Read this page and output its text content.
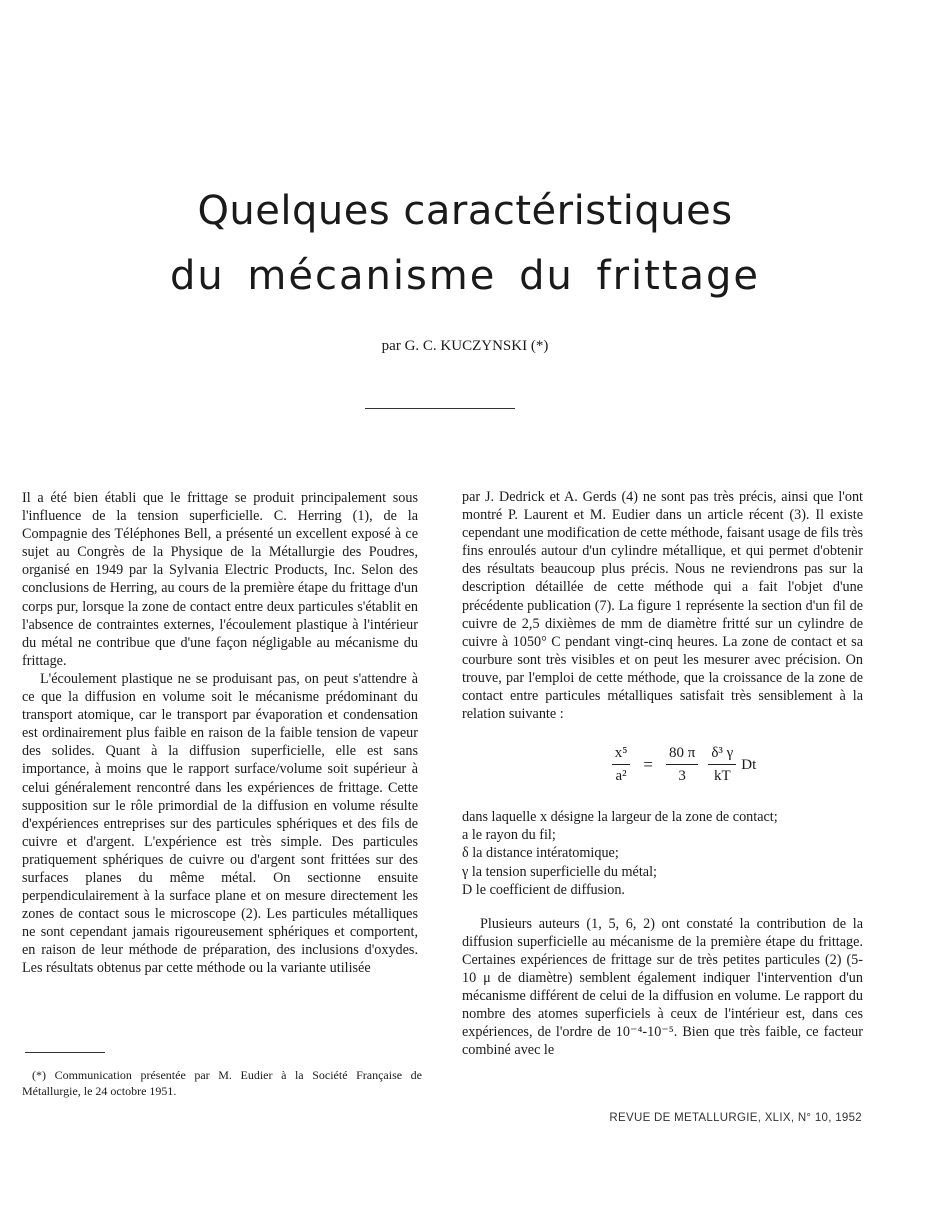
Quelques caractéristiques
du mécanisme du frittage
par G. C. KUCZYNSKI (*)

Il a été bien établi que le frittage se produit principalement sous l'influence de la tension superficielle. C. Herring (1), de la Compagnie des Téléphones Bell, a présenté un excellent exposé à ce sujet au Congrès de la Physique de la Métallurgie des Poudres, organisé en 1949 par la Sylvania Electric Products, Inc. Selon des conclusions de Herring, au cours de la première étape du frittage d'un corps pur, lorsque la zone de contact entre deux particules s'établit en l'absence de contraintes externes, l'écoulement plastique à l'intérieur du métal ne contribue que d'une façon négligable au mécanisme du frittage.

L'écoulement plastique ne se produisant pas, on peut s'attendre à ce que la diffusion en volume soit le mécanisme prédominant du transport atomique, car le transport par évaporation et condensation est ordinairement plus faible en raison de la faible tension de vapeur des solides. Quant à la diffusion superficielle, elle est sans importance, à moins que le rapport surface/volume soit supérieur à celui généralement rencontré dans les expériences de frittage. Cette supposition sur le rôle primordial de la diffusion en volume résulte d'expériences entreprises sur des particules sphériques et des fils de cuivre et d'argent. L'expérience est très simple. Des particules pratiquement sphériques de cuivre ou d'argent sont frittées sur des surfaces planes du même métal. On sectionne ensuite perpendiculairement à la surface plane et on mesure directement les zones de contact sous le microscope (2). Les particules métalliques ne sont cependant jamais rigoureusement sphériques et comportent, en raison de leur méthode de préparation, des inclusions d'oxydes. Les résultats obtenus par cette méthode ou la variante utilisée

par J. Dedrick et A. Gerds (4) ne sont pas très précis, ainsi que l'ont montré P. Laurent et M. Eudier dans un article récent (3). Il existe cependant une modification de cette méthode, faisant usage de fils très fins enroulés autour d'un cylindre métallique, et qui permet d'obtenir des résultats beaucoup plus précis. Nous ne reviendrons pas sur la description détaillée de cette méthode qui a fait l'objet d'une précédente publication (7). La figure 1 représente la section d'un fil de cuivre de 2,5 dixièmes de mm de diamètre fritté sur un cylindre de cuivre à 1050° C pendant vingt-cinq heures. La zone de contact et sa courbure sont très visibles et on peut les mesurer avec précision. On trouve, par l'emploi de cette méthode, que la croissance de la zone de contact entre particules métalliques satisfait très sensiblement à la relation suivante :

$\frac{\text{x⁵}}{\text{a²}} = \frac{80 \pi}{3} \frac{\text{δ³ γ}}{kT}$ Dt

dans laquelle x désigne la largeur de la zone de contact;

a le rayon du fil;

δ la distance intératomique;

γ la tension superficielle du métal;

D le coefficient de diffusion.

Plusieurs auteurs (1, 5, 6, 2) ont constaté la contribution de la diffusion superficielle au mécanisme de la première étape du frittage. Certaines expériences de frittage sur de très petites particules (2) (5-10 μ de diamètre) semblent également indiquer l'intervention d'un mécanisme différent de celui de la diffusion en volume. Le rapport du nombre des atomes superficiels à ceux de l'intérieur est, dans ces expériences, de l'ordre de 10⁻⁴-10⁻⁵. Bien que très faible, ce facteur combiné avec le

(*) Communication présentée par M. Eudier à la Société Française de Métallurgie, le 24 octobre 1951.
REVUE DE METALLURGIE, XLIX, N° 10, 1952
